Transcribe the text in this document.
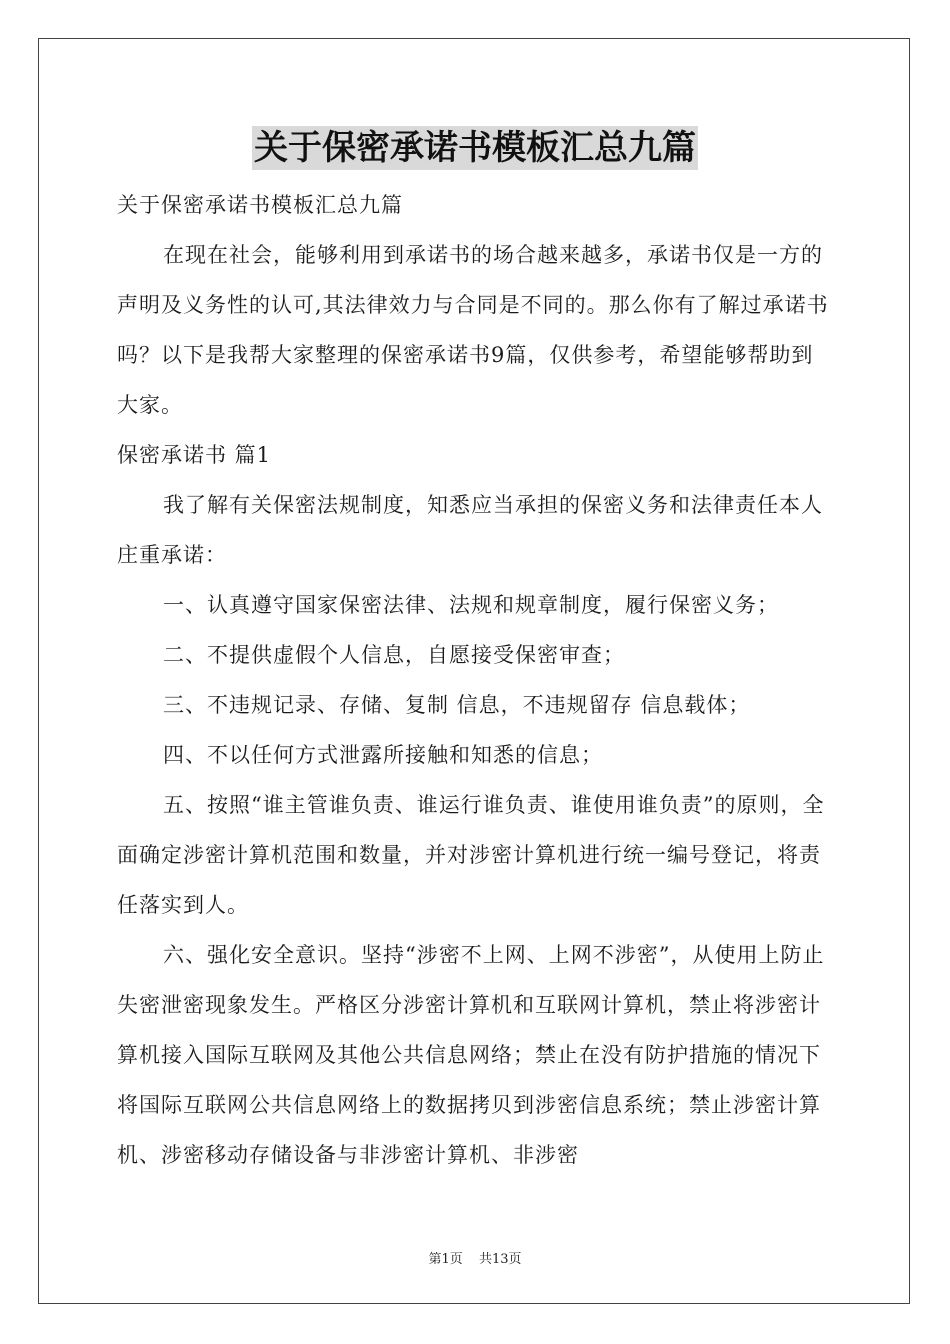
关于保密承诺书模板汇总九篇

关于保密承诺书模板汇总九篇

在现在社会，能够利用到承诺书的场合越来越多，承诺书仅是一方的声明及义务性的认可,其法律效力与合同是不同的。那么你有了解过承诺书吗？以下是我帮大家整理的保密承诺书9篇，仅供参考，希望能够帮助到大家。

保密承诺书 篇1

我了解有关保密法规制度，知悉应当承担的保密义务和法律责任本人庄重承诺：

一、认真遵守国家保密法律、法规和规章制度，履行保密义务；

二、不提供虚假个人信息，自愿接受保密审查；

三、不违规记录、存储、复制 信息，不违规留存 信息载体；

四、不以任何方式泄露所接触和知悉的信息；

五、按照“谁主管谁负责、谁运行谁负责、谁使用谁负责”的原则，全面确定涉密计算机范围和数量，并对涉密计算机进行统一编号登记，将责任落实到人。

六、强化安全意识。坚持“涉密不上网、上网不涉密”，从使用上防止失密泄密现象发生。严格区分涉密计算机和互联网计算机，禁止将涉密计算机接入国际互联网及其他公共信息网络；禁止在没有防护措施的情况下将国际互联网公共信息网络上的数据拷贝到涉密信息系统；禁止涉密计算机、涉密移动存储设备与非涉密计算机、非涉密

第1页 共13页
